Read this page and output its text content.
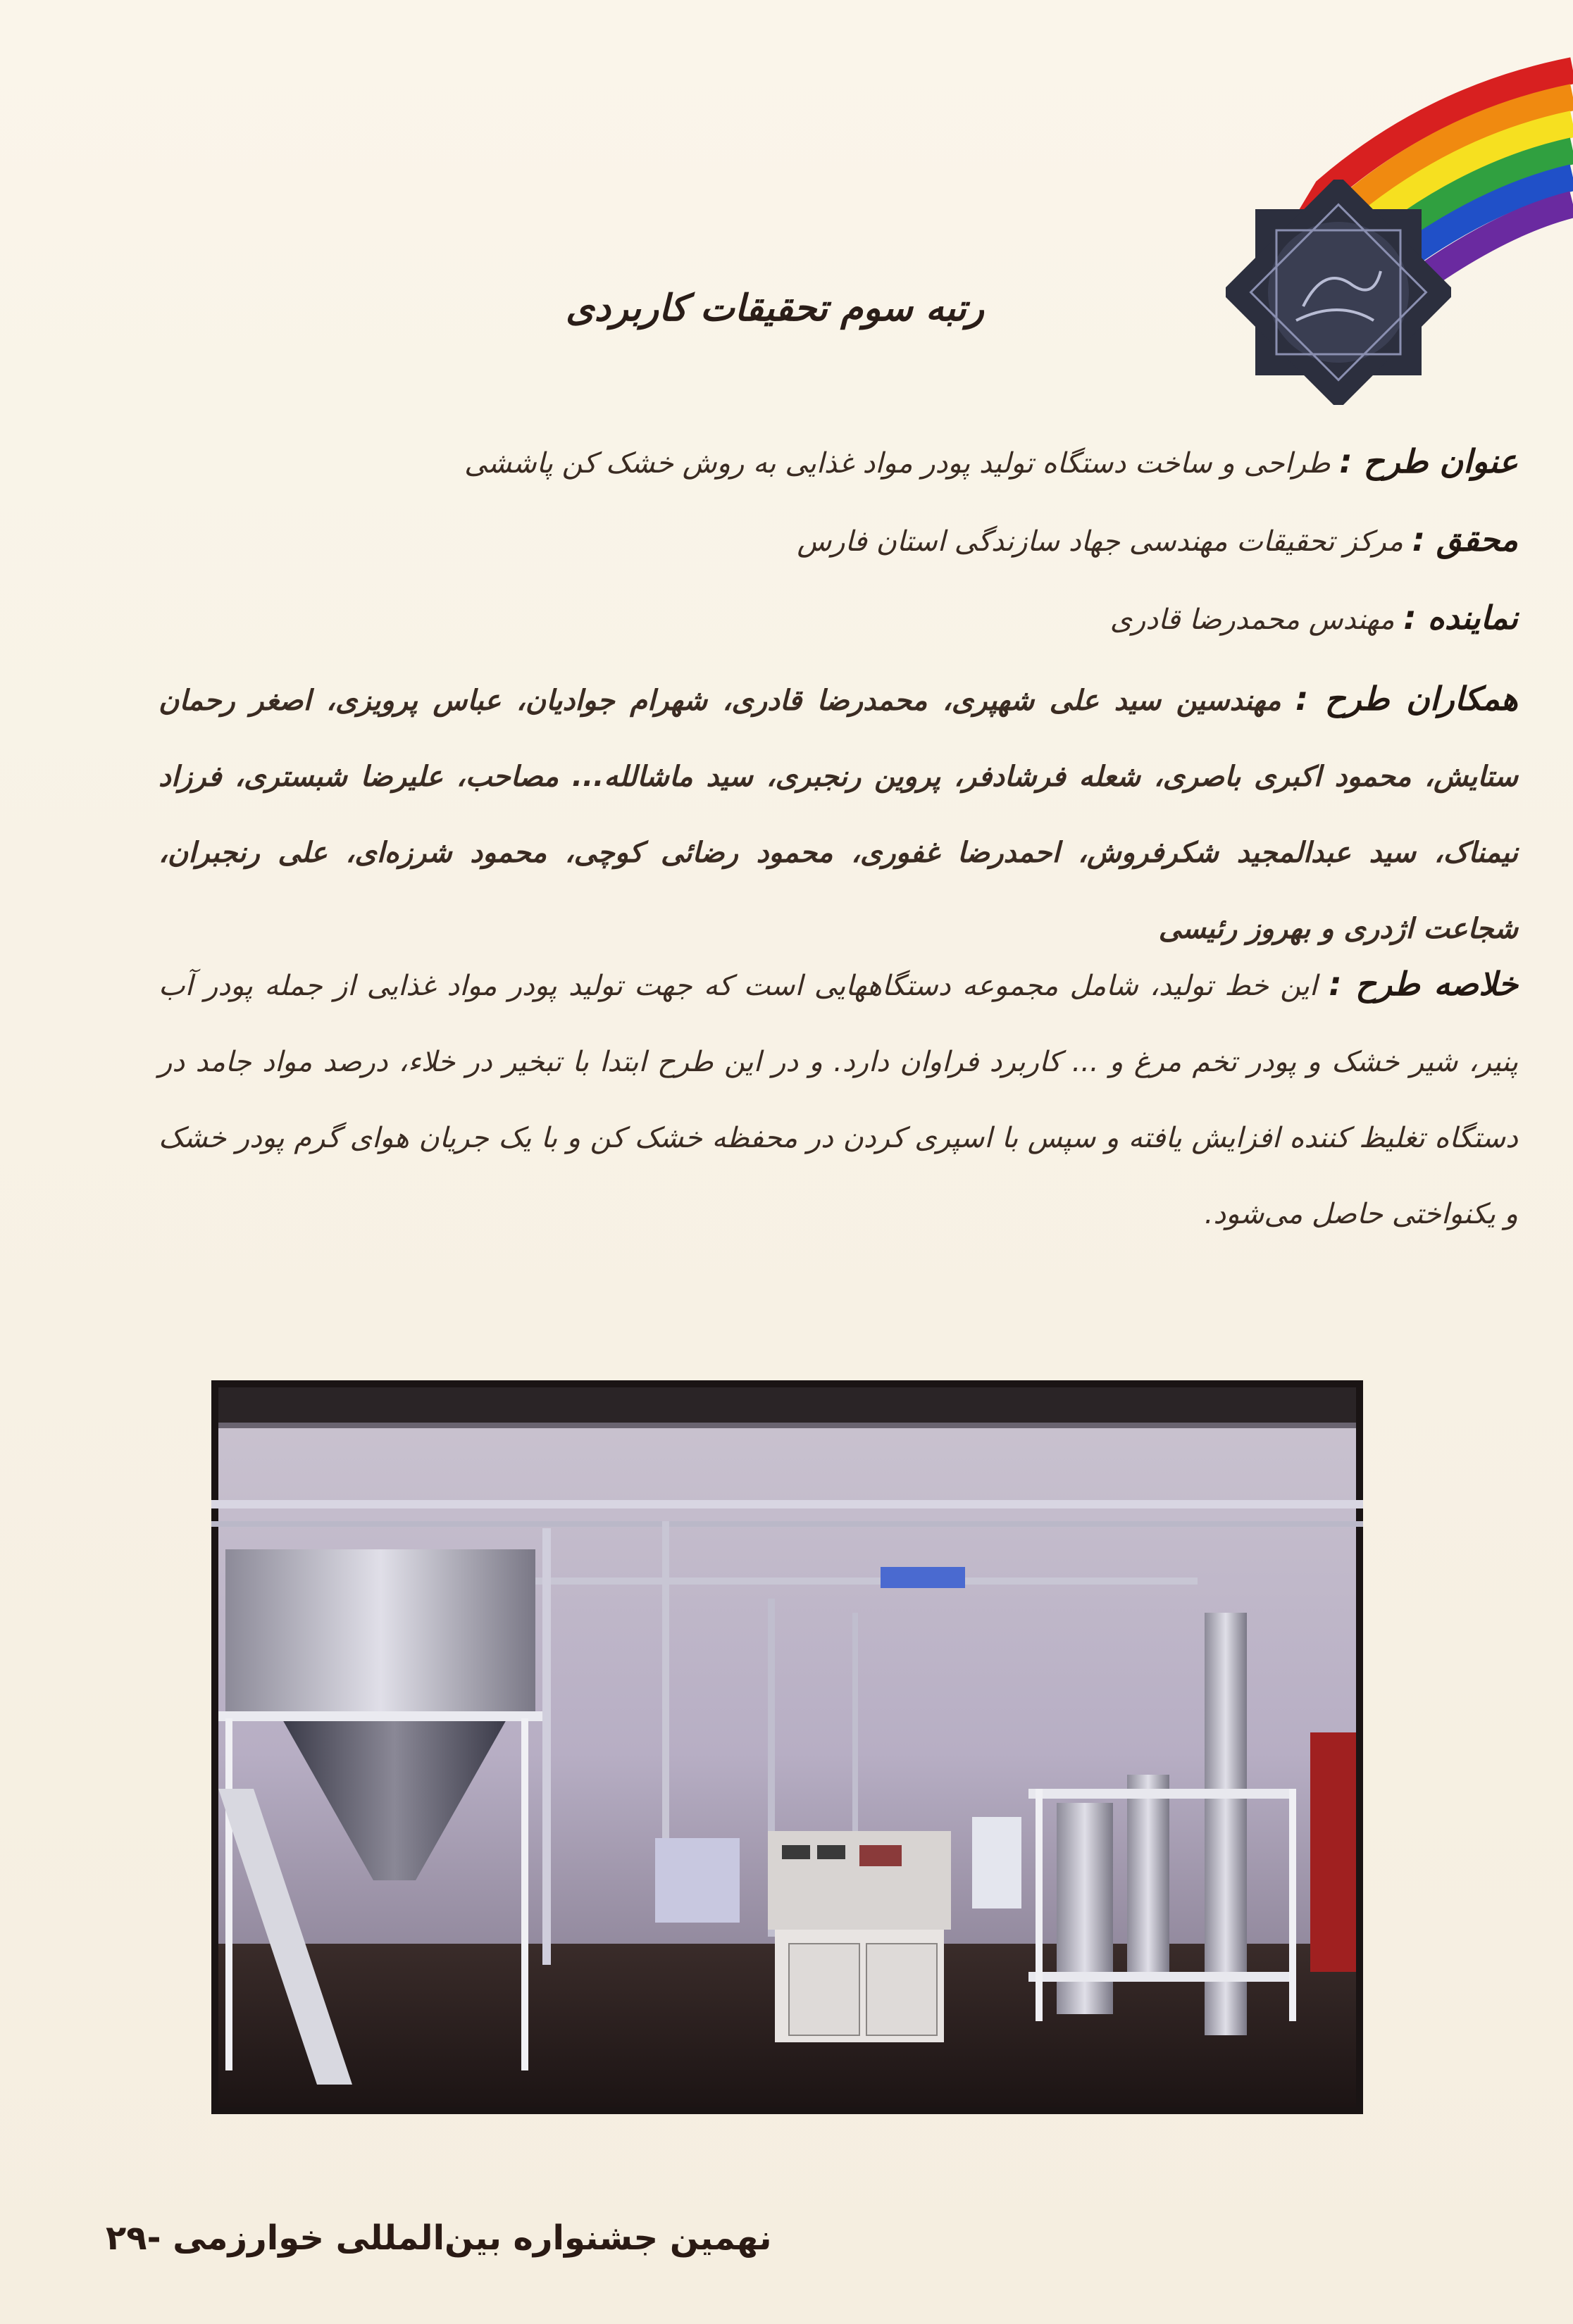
رتبه سوم تحقیقات کاربردی
عنوان طرح : طراحی و ساخت دستگاه تولید پودر مواد غذایی به روش خشک کن پاششی
محقق : مرکز تحقیقات مهندسی جهاد سازندگی استان فارس
نماینده : مهندس محمدرضا قادری
همکاران طرح : مهندسین سید علی شهپری، محمدرضا قادری، شهرام جوادیان، عباس پرویزی، اصغر رحمان ستایش، محمود اکبری باصری، شعله فرشادفر، پروین رنجبری، سید ماشالله... مصاحب، علیرضا شبستری، فرزاد نیمناک، سید عبدالمجید شکرفروش، احمدرضا غفوری، محمود رضائی کوچی، محمود شرزه‌ای، علی رنجبران، شجاعت اژدری و بهروز رئیسی
خلاصه طرح : این خط تولید، شامل مجموعه دستگاههایی است که جهت تولید پودر مواد غذایی از جمله پودر آب پنیر، شیر خشک و پودر تخم مرغ و ... کاربرد فراوان دارد. و در این طرح ابتدا با تبخیر در خلاء، درصد مواد جامد در دستگاه تغلیظ کننده افزایش یافته و سپس با اسپری کردن در محفظه خشک کن و با یک جریان هوای گرم پودر خشک و یکنواختی حاصل می‌شود.
نهمین جشنواره بین‌المللی خوارزمی -۲۹
